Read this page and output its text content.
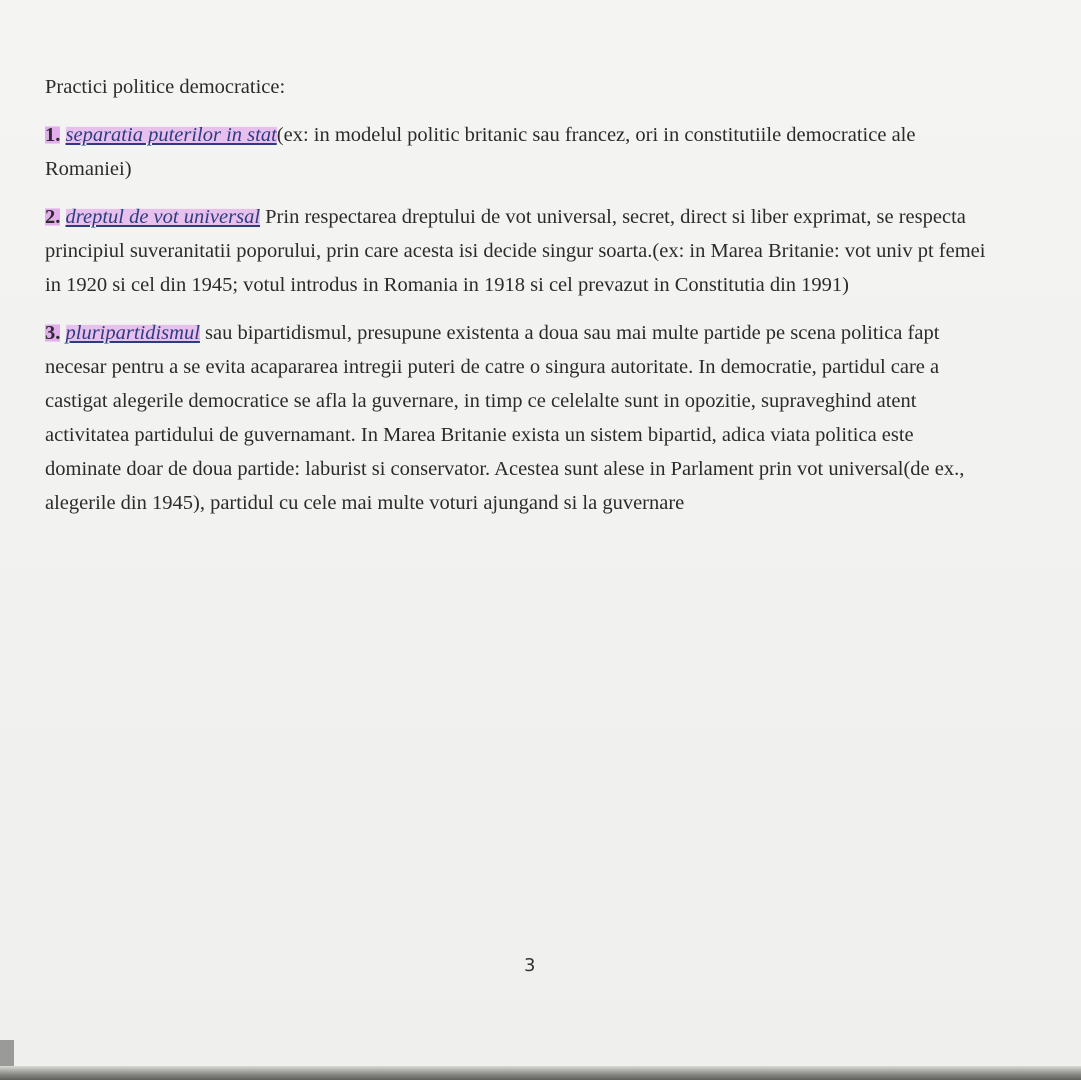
Practici politice democratice:

1. separatia puterilor in stat(ex: in modelul politic britanic sau francez, ori in constitutiile democratice ale Romaniei)

2. dreptul de vot universal Prin respectarea dreptului de vot universal, secret, direct si liber exprimat, se respecta principiul suveranitatii poporului, prin care acesta isi decide singur soarta.(ex: in Marea Britanie: vot univ pt femei in 1920 si cel din 1945; votul introdus in Romania in 1918 si cel prevazut in Constitutia din 1991)

3. pluripartidismul sau bipartidismul, presupune existenta a doua sau mai multe partide pe scena politica fapt necesar pentru a se evita acapararea intregii puteri de catre o singura autoritate. In democratie, partidul care a castigat alegerile democratice se afla la guvernare, in timp ce celelalte sunt in opozitie, supraveghind atent activitatea partidului de guvernamant. In Marea Britanie exista un sistem bipartid, adica viata politica este dominate doar de doua partide: laburist si conservator. Acestea sunt alese in Parlament prin vot universal(de ex., alegerile din 1945), partidul cu cele mai multe voturi ajungand si la guvernare

3
